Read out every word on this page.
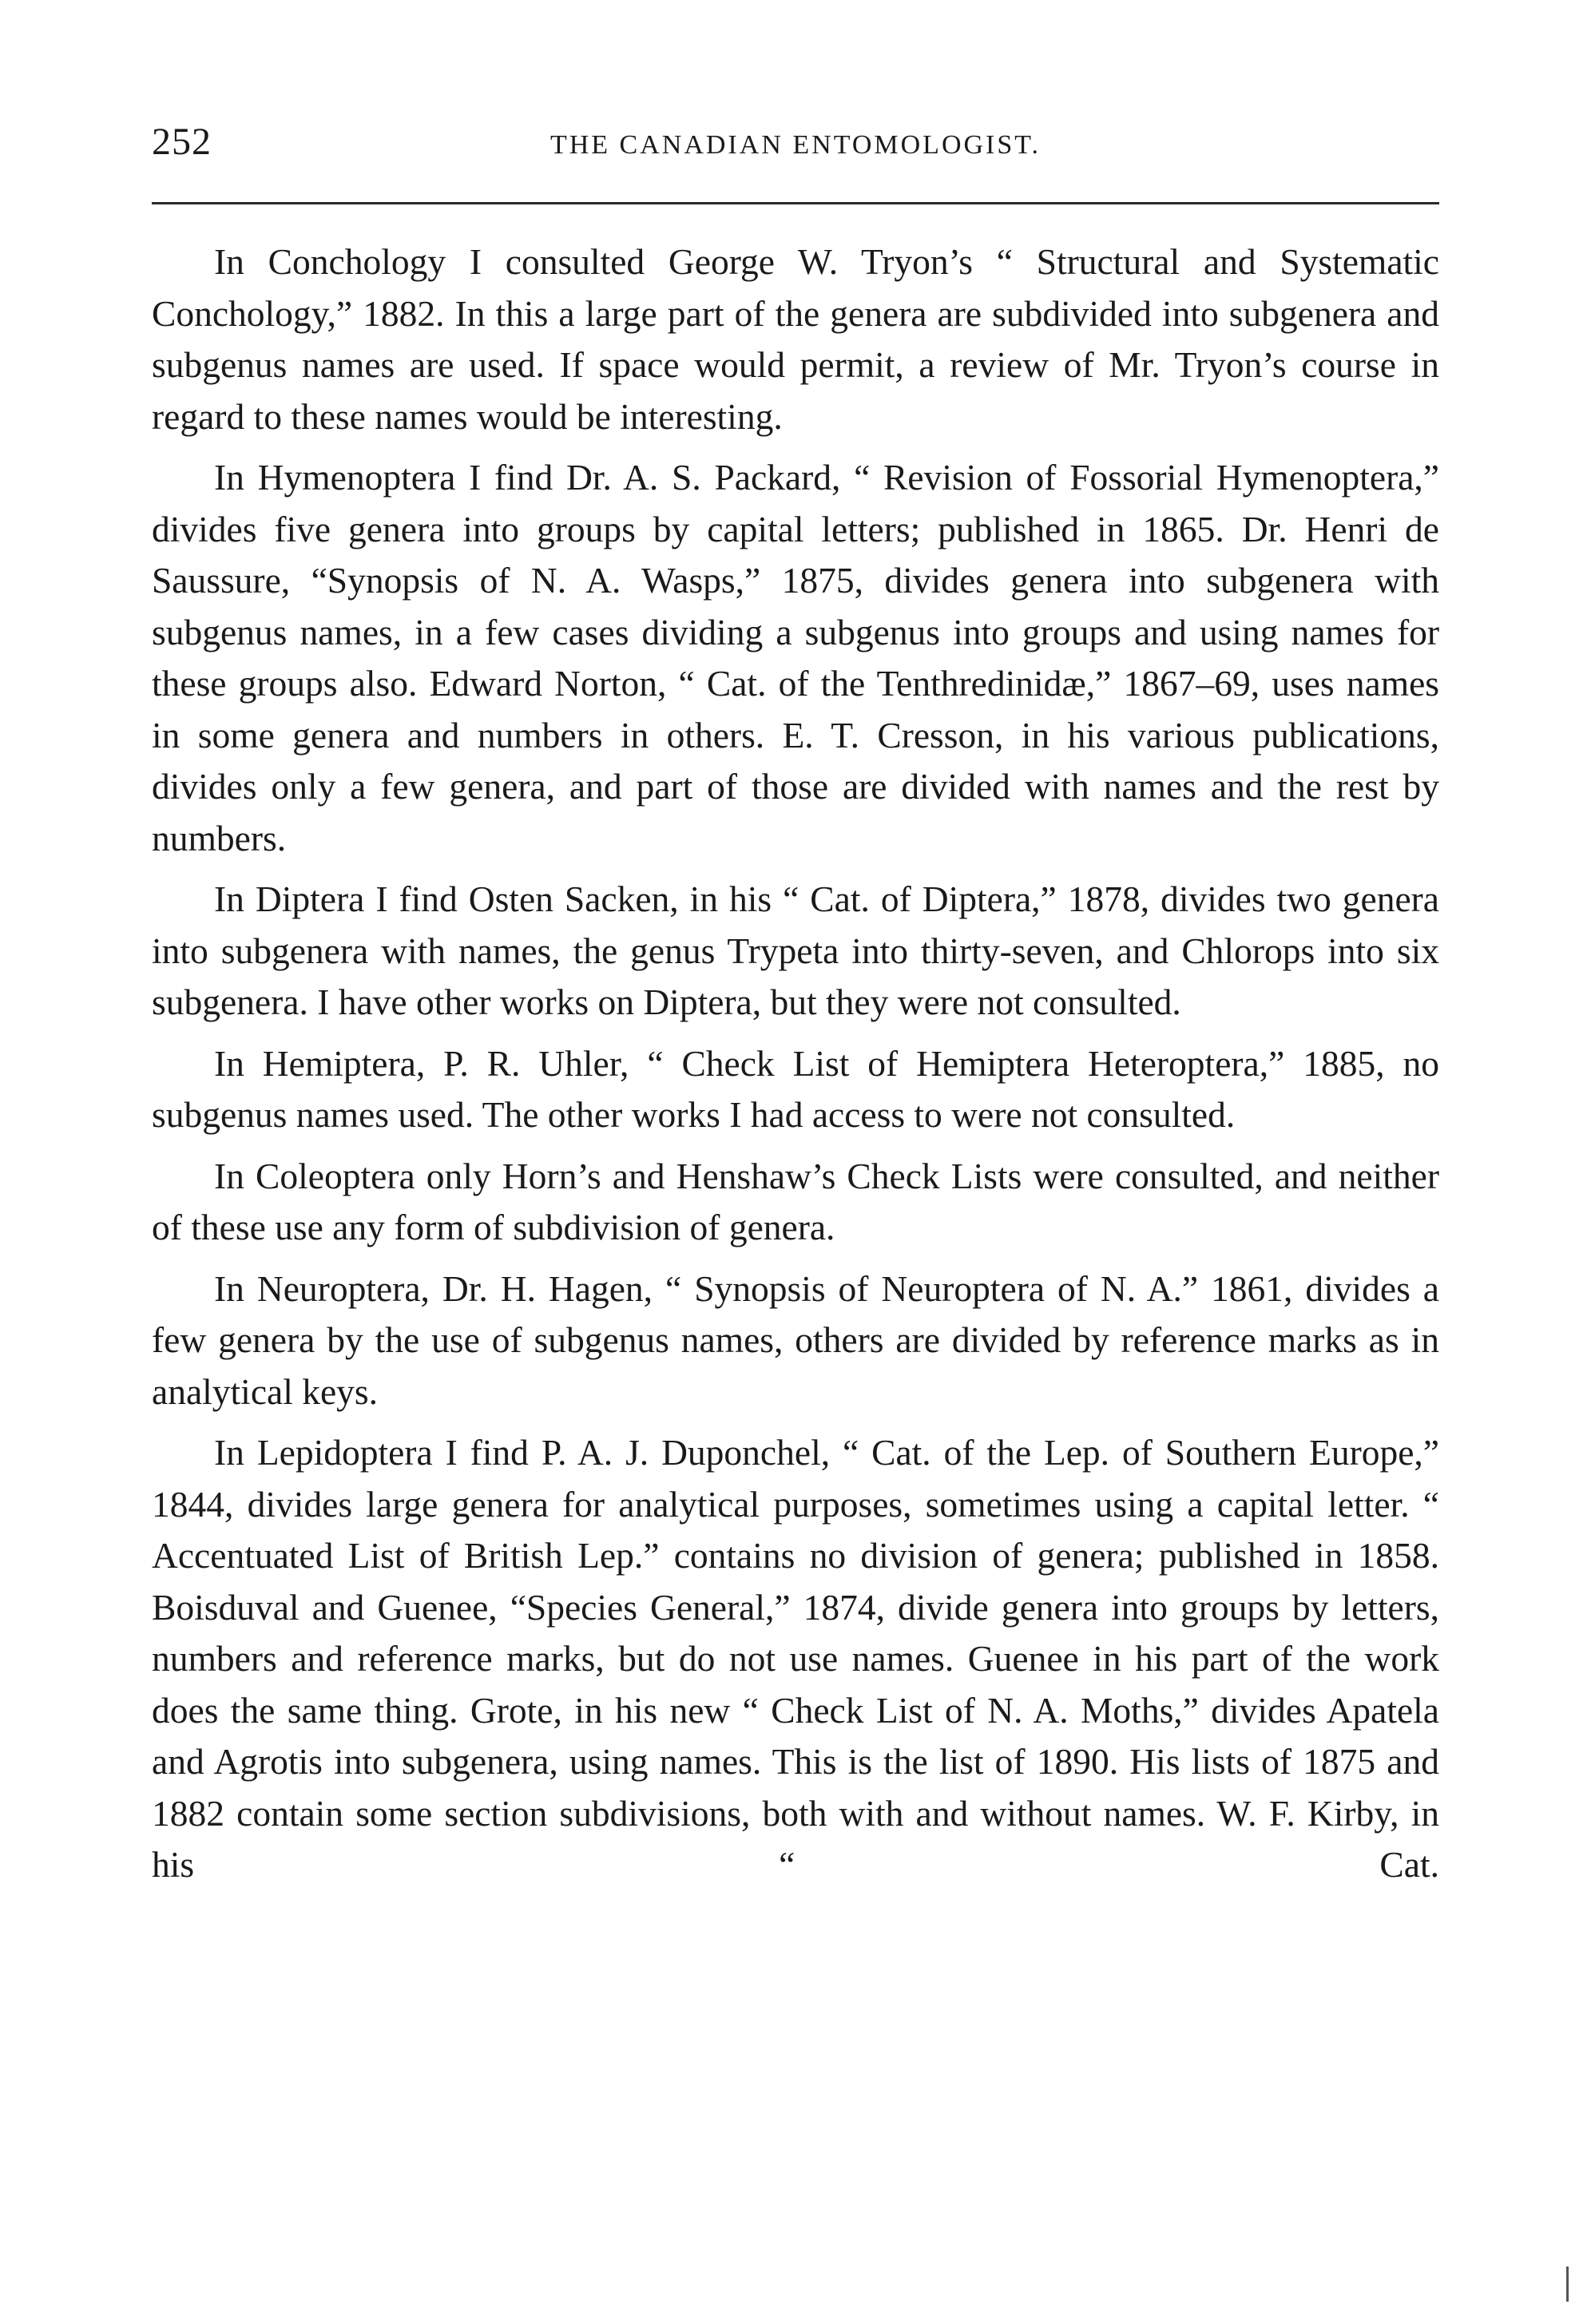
252	THE CANADIAN ENTOMOLOGIST.

In Conchology I consulted George W. Tryon’s “ Structural and Systematic Conchology,” 1882. In this a large part of the genera are subdivided into subgenera and subgenus names are used. If space would permit, a review of Mr. Tryon’s course in regard to these names would be interesting.

In Hymenoptera I find Dr. A. S. Packard, “ Revision of Fossorial Hymenoptera,” divides five genera into groups by capital letters; published in 1865. Dr. Henri de Saussure, “Synopsis of N. A. Wasps,” 1875, divides genera into subgenera with subgenus names, in a few cases dividing a subgenus into groups and using names for these groups also. Edward Norton, “ Cat. of the Tenthredinidæ,” 1867–69, uses names in some genera and numbers in others. E. T. Cresson, in his various publications, divides only a few genera, and part of those are divided with names and the rest by numbers.

In Diptera I find Osten Sacken, in his “ Cat. of Diptera,” 1878, divides two genera into subgenera with names, the genus Trypeta into thirty-seven, and Chlorops into six subgenera. I have other works on Diptera, but they were not consulted.

In Hemiptera, P. R. Uhler, “ Check List of Hemiptera Heteroptera,” 1885, no subgenus names used. The other works I had access to were not consulted.

In Coleoptera only Horn’s and Henshaw’s Check Lists were consulted, and neither of these use any form of subdivision of genera.

In Neuroptera, Dr. H. Hagen, “ Synopsis of Neuroptera of N. A.” 1861, divides a few genera by the use of subgenus names, others are divided by reference marks as in analytical keys.

In Lepidoptera I find P. A. J. Duponchel, “ Cat. of the Lep. of Southern Europe,” 1844, divides large genera for analytical purposes, sometimes using a capital letter. “ Accentuated List of British Lep.” contains no division of genera; published in 1858. Boisduval and Guenee, “Species General,” 1874, divide genera into groups by letters, numbers and reference marks, but do not use names. Guenee in his part of the work does the same thing. Grote, in his new “ Check List of N. A. Moths,” divides Apatela and Agrotis into subgenera, using names. This is the list of 1890. His lists of 1875 and 1882 contain some section subdivisions, both with and without names. W. F. Kirby, in his “ Cat.
